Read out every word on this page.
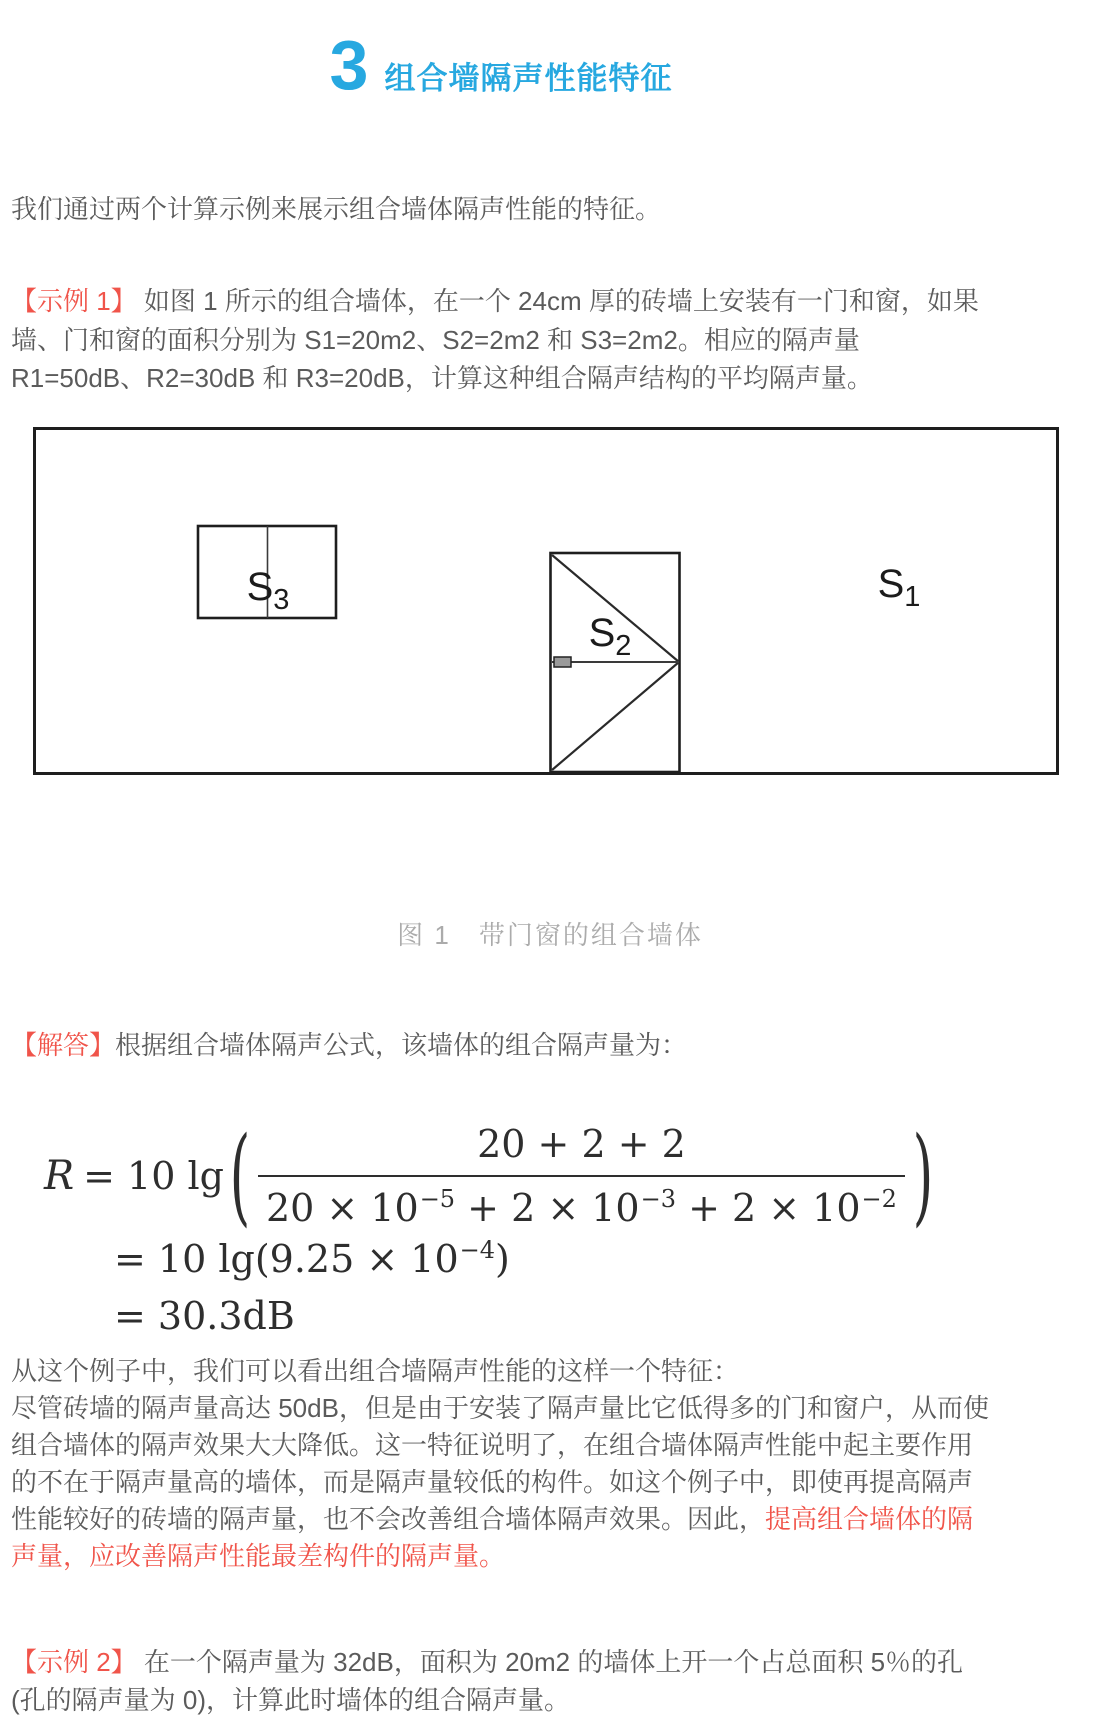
3 组合墙隔声性能特征

我们通过两个计算示例来展示组合墙体隔声性能的特征。

【示例 1】 如图 1 所示的组合墙体，在一个 24cm 厚的砖墙上安装有一门和窗，如果墙、门和窗的面积分别为 S1=20m2、S2=2m2 和 S3=2m2。相应的隔声量 R1=50dB、R2=30dB 和 R3=20dB，计算这种组合隔声结构的平均隔声量。

$S_3$
$S_2$
$S_1$

图 1　带门窗的组合墙体

【解答】根据组合墙体隔声公式，该墙体的组合隔声量为：

R = 10 lg ( $\frac{20 + 2 + 2}{20 \times 10^{-5} + 2 \times 10^{-3} + 2 \times 10^{-2}}$ )
= 10 $\lg(9.25 \times 10^{-4})$
= 30.3dB

从这个例子中，我们可以看出组合墙隔声性能的这样一个特征：

尽管砖墙的隔声量高达 50dB，但是由于安装了隔声量比它低得多的门和窗户，从而使组合墙体的隔声效果大大降低。这一特征说明了，在组合墙体隔声性能中起主要作用的不在于隔声量高的墙体，而是隔声量较低的构件。如这个例子中，即使再提高隔声性能较好的砖墙的隔声量，也不会改善组合墙体隔声效果。因此，提高组合墙体的隔声量，应改善隔声性能最差构件的隔声量。

【示例 2】 在一个隔声量为 32dB，面积为 20m2 的墙体上开一个占总面积 5％的孔(孔的隔声量为 0)，计算此时墙体的组合隔声量。
